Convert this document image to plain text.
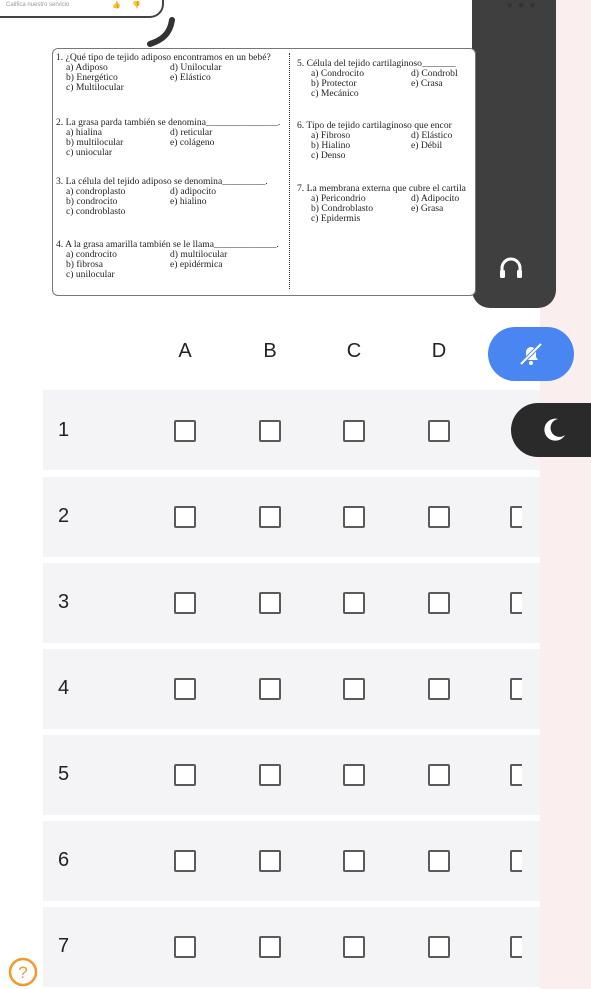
Califica nuestro servicio	👍 👎	•••
1. ¿Qué tipo de tejido adiposo encontramos en un bebé?
a) Adiposo	d) Unilocular
b) Energético	e) Elástico
c) Multilocular
2. La grasa parda también se denomina_______________.
a) hialina	d) reticular
b) multilocular	e) colágeno
c) uniocular
3. La célula del tejido adiposo se denomina_________.
a) condroplasto	d) adipocito
b) condrocito	e) hialino
c) condroblasto
4. A la grasa amarilla también se le llama_____________.
a) condrocito	d) multilocular
b) fibrosa	e) epidérmica
c) unilocular
5. Célula del tejido cartilaginoso_______
a) Condrocito	d) Condrobl
b) Protector	e) Crasa
c) Mecánico
6. Tipo de tejido cartilaginoso que encor
a) Fibroso	d) Elástico
b) Hialino	e) Débil
c) Denso
7. La membrana externa que cubre el cartila
a) Pericondrio	d) Adipocito
b) Condroblasto	e) Grasa
c) Epidermis
A	B	C	D
1
2
3
4
5
6
7
?
